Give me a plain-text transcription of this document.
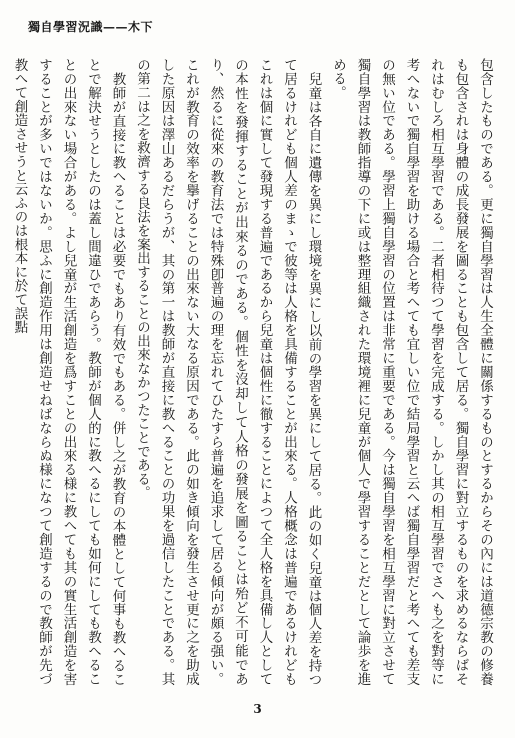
獨自學習況識——木下

包含したものである。更に獨自學習は人生全體に關係するものとするからその內には道德宗教の修養も包含されは身體の成長發展を圖ることも包含して居る。獨自學習に對立するものを求めるならばそれはむしろ相互學習である。二者相待つて學習を完成する。しかし其の相互學習でさへも之を對等に考へないで獨自學習を助ける場合と考へても宜しい位で結局學習と云へば獨自學習だと考へても差支の無い位である。學習上獨自學習の位置は非常に重要である。今は獨自學習を相互學習に對立させて獨自學習は教師指導の下に或は整理組織された環境裡に兒童が個人で學習することだとして論歩を進める。

兒童は各自に遺傳を異にし環境を異にし以前の學習を異にして居る。此の如く兒童は個人差を持つて居るけれども個人差のまゝで彼等は人格を具備することが出來る。人格概念は普遍であるけれどもこれは個に實して發現する普遍であるから兒童は個性に徹することによつて全人格を具備し人としての本性を發揮することが出來るのである。個性を沒却して人格の發展を圖ることは殆ど不可能であり、然るに從來の教育法では特殊卽普遍の理を忘れてひたすら普遍を追求して居る傾向が頗る强い。これが教育の效率を擧げることの出來ない大なる原因である。此の如き傾向を發生させ更に之を助成した原因は澤山あるだらうが、其の第一は教師が直接に教へることの功果を過信したことである。其の第二は之を救濟する良法を案出することの出來なかつたことである。

教師が直接に教へることは必要でもあり有效でもある。併し之が教育の本體として何事も教へることで解決せうとしたのは蓋し間違ひであらう。教師が個人的に教へるにしても如何にしても教へることの出來ない場合がある。よし兒童が生活創造を爲すことの出來る様に教へても其の實生活創造を害することが多いではないか。思ふに創造作用は創造せねばならぬ様になつて創造するので教師が先づ教へて創造させうと云ふのは根本に於て誤點

3
